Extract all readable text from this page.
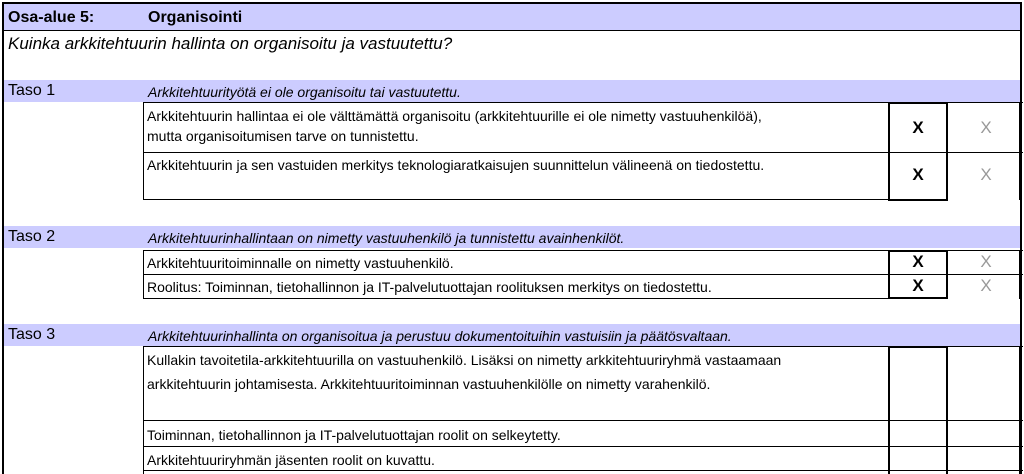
Osa-alue 5:	Organisointi
Kuinka arkkitehtuurin hallinta on organisoitu ja vastuutettu?
Taso 1	Arkkitehtuurityötä ei ole organisoitu tai vastuutettu.
Arkkitehtuurin hallintaa ei ole välttämättä organisoitu (arkkitehtuurille ei ole nimetty vastuuhenkilöä),
mutta organisoitumisen tarve on tunnistettu.	X	X
Arkkitehtuurin ja sen vastuiden merkitys teknologiaratkaisujen suunnittelun välineenä on tiedostettu.	X	X
Taso 2	Arkkitehtuurinhallintaan on nimetty vastuuhenkilö ja tunnistettu avainhenkilöt.
Arkkitehtuuritoiminnalle on nimetty vastuuhenkilö.	X	X
Roolitus: Toiminnan, tietohallinnon ja IT-palvelutuottajan roolituksen merkitys on tiedostettu.	X	X
Taso 3	Arkkitehtuurinhallinta on organisoitua ja perustuu dokumentoituihin vastuisiin ja päätösvaltaan.
Kullakin tavoitetila-arkkitehtuurilla on vastuuhenkilö. Lisäksi on nimetty arkkitehtuuriryhmä vastaamaan
arkkitehtuurin johtamisesta. Arkkitehtuuritoiminnan vastuuhenkilölle on nimetty varahenkilö.
Toiminnan, tietohallinnon ja IT-palvelutuottajan roolit on selkeytetty.
Arkkitehtuuriryhmän jäsenten roolit on kuvattu.
